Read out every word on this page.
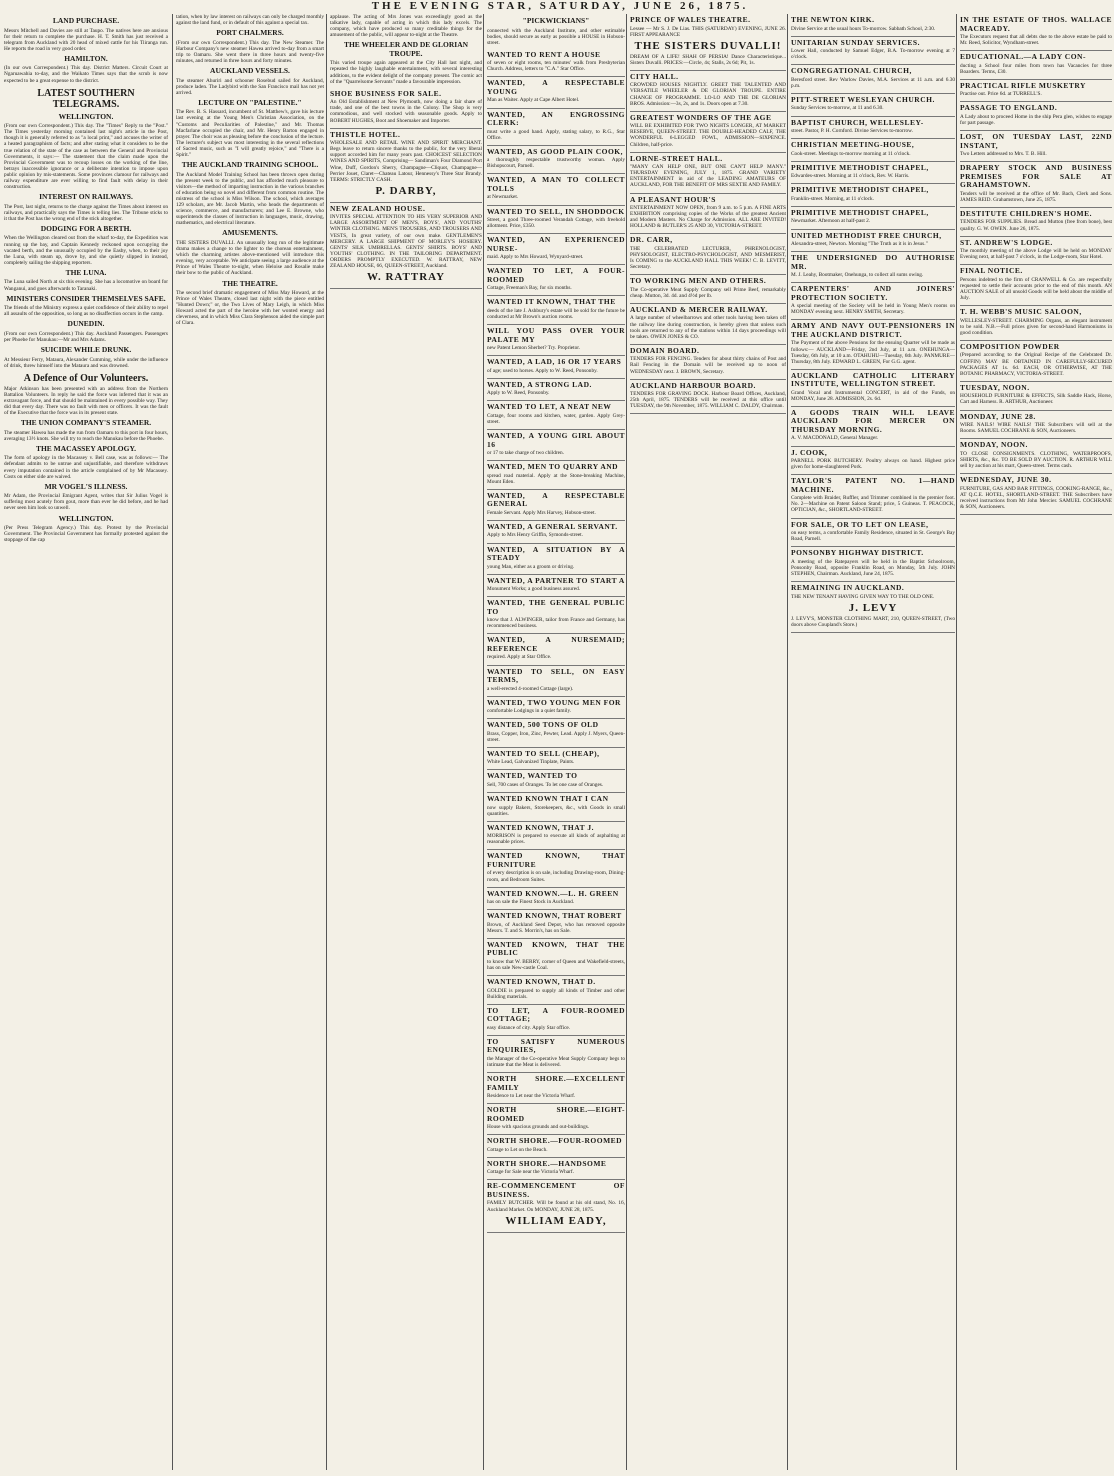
THE EVENING STAR, SATURDAY, JUNE 26, 1875.
LAND PURCHASE.
Messrs Mitchell and Davies are still at Taupo. The natives here are anxious for their return to complete the purchase. H. T. Smith has just received a telegram from Auckland with 20 head of mixed cattle for his Tiiranga run. He reports the road in very good order.
HAMILTON.
(In our own Correspondent.) This day. District Matters. Circuit Court at Ngaruawahia to-day, and the Waikato Times says that the scrub is now expected to be a great expense to the district.
LATEST SOUTHERN TELEGRAMS.
WELLINGTON.
(From our own Correspondent.) This day. The "Times" Reply to the "Post." The Times yesterday morning contained last night's article in the Post, though it is generally referred to as "a local print," and accuses the writer of a heated paragraphism of facts; and after stating what it considers to be the true relation of the state of the case as between the General and Provincial Governments, it says:— The statement that the claim made upon the Provincial Government was to recoup losses on the working of the line, betrays inaccessible ignorance or a deliberate intention to impose upon public opinion by mis-statements. Some provinces clamour for railways and railway expenditure are ever willing to find fault with delay in their construction.
INTEREST ON RAILWAYS.
The Post, last night, returns to the charge against the Times about interest on railways, and practically says the Times is telling lies. The Tribune sticks to it that the Post has the wrong end of the stick altogether.
DODGING FOR A BERTH.
When the Wellington cleared out from the wharf to-day, the Expedition was running up the bay, and Captain Kennedy reckoned upon occupying the vacated berth, and the unusually occupied by the Easby, when, to their joy the Luna, with steam up, drove by, and she quietly slipped in instead, completely sailing the shipping reporters.
THE LUNA.
The Luna sailed North at six this evening. She has a locomotive on board for Wanganui, and goes afterwards to Taranaki.
MINISTERS CONSIDER THEMSELVES SAFE.
The friends of the Ministry express a quiet confidence of their ability to repel all assaults of the opposition, so long as no disaffection occurs in the camp.
DUNEDIN.
(From our own Correspondent.) This day. Auckland Passengers. Passengers per Phoebe for Manukau:—Mr and Mrs Adams.
SUICIDE WHILE DRUNK.
At Messieur Ferry, Mataura, Alexander Cumming, while under the influence of drink, threw himself into the Mataura and was drowned.
A Defence of Our Volunteers.
Major Atkinson has been presented with an address from the Northern Battalion Volunteers. In reply he said the force was inferred that it was an extravagant force, and that should be maintained in every possible way. They did that every day. There was no fault with men or officers. It was the fault of the Executive that the force was in its present state.
THE UNION COMPANY'S STEAMER.
The steamer Hawea has made the run from Oamaru to this port in four hours, averaging 13½ knots. She will try to reach the Manukau before the Phoebe.
THE MACASSEY APOLOGY.
The form of apology in the Macassey v. Bell case, was as follows:— The defendant admits to be untrue and unjustifiable, and therefore withdraws every imputation contained in the article complained of by Mr Macassey. Costs on either side are waived.
MR VOGEL'S ILLNESS.
Mr Adam, the Provincial Emigrant Agent, writes that Sir Julius Vogel is suffering most acutely from gout, more than ever he did before, and he had never seen him look so unwell.
WELLINGTON.
(Per Press Telegram Agency.) This day. Protest by the Provincial Government. The Provincial Government has formally protested against the stoppage of the cap
tation, when by law interest on railways can only be charged monthly against the land fund, or in default of this against a special tax.
PORT CHALMERS.
(From our own Correspondent.) This day. The New Steamer. The Harbour Company's new steamer Hawea arrived to-day from a smart trip to Oamaru. She went there in three hours and twenty-five minutes, and returned in three hours and forty minutes.
AUCKLAND VESSELS.
The steamer Ahuriri and schooner Rosebud sailed for Auckland, produce laden. The Ladybird with the San Francisco mail has not yet arrived.
LECTURE ON "PALESTINE."
The Rev. B. S. Hassard, incumbent of St. Matthew's, gave his lecture last evening at the Young Men's Christian Association, on the "Customs and Peculiarities of Palestine," and Mr. Thomas Macfarlane occupied the chair, and Mr. Henry Barton engaged in prayer. The choir was as pleasing before the conclusion of the lecture. The lecturer's subject was most interesting in the several reflections of Sacred music, such as "I will greatly rejoice," and "There is a Spirit."
THE AUCKLAND TRAINING SCHOOL.
The Auckland Model Training School has been thrown open during the present week to the public, and has afforded much pleasure to visitors—the method of imparting instruction in the various branches of education being so novel and different from common routine. The mistress of the school is Miss Wilson. The school, which averages 129 scholars, are Mr. Jacob Martin, who heads the departments of science, commerce, and manufacturers; and Lee E. Browne, who superintends the classes of instruction in languages, music, drawing, mathematics, and electrical literature.
AMUSEMENTS.
THE SISTERS DUVALLI. An unusually long run of the legitimate drama makes a change to the lighter to the chorean entertainment, which the charming artistes above-mentioned will introduce this evening, very acceptable. We anticipate seeing a large audience at the Prince of Wales Theatre to-night, when Heloise and Rosalie make their bow to the public of Auckland.
THE THEATRE.
The second brief dramatic engagement of Miss May Howard, at the Prince of Wales Theatre, closed last night with the piece entitled "Hunted Down;" or, the Two Lives of Mary Leigh, in which Miss Howard acted the part of the heroine with her wonted energy and cleverness, and in which Miss Clara Stephenson aided the simple part of Clara.
applause. The acting of Mrs Jones was exceedingly good as the talkative lady, capable of acting in which this lady excels. The company, which have produced so many creditable things for the amusement of the public, will appear to-night at the Theatre.
THE WHEELER AND DE GLORIAN TROUPE.
This varied troupe again appeared at the City Hall last night, and repeated the highly laughable entertainment, with several interesting additions, to the evident delight of the company present. The comic act of the "Quarrelsome Servants" made a favourable impression.
SHOE BUSINESS FOR SALE.

An Old Establishment at New Plymouth, now doing a fair share of trade, and one of the best towns in the Colony. The Shop is very commodious, and well stocked with seasonable goods. Apply to ROBERT HUGHES, Boot and Shoemaker and Importer.

THISTLE HOTEL.

WHOLESALE AND RETAIL WINE AND SPIRIT MERCHANT. Begs leave to return sincere thanks to the public, for the very liberal support accorded him for many years past. CHOICEST SELECTION WINES AND SPIRITS, Comprising— Sandiman's Four Diamond Port Wine, Duff, Gordon's Sherry, Champagne—Cliquot, Champagne—Perrier Jouet, Claret—Chateau Latour, Hennessy's Three Star Brandy. TERMS: STRICTLY CASH.

P. DARBY,
NEW ZEALAND HOUSE.

INVITES SPECIAL ATTENTION TO HIS VERY SUPERIOR AND LARGE ASSORTMENT OF MEN'S, BOYS', AND YOUTHS' WINTER CLOTHING. MEN'S TROUSERS, AND TROUSERS AND VESTS, In great variety, of our own make. GENTLEMEN'S MERCERY. A LARGE SHIPMENT OF MORLEY'S HOSIERY. GENTS' SILK UMBRELLAS. GENTS' SHIRTS. BOYS' AND YOUTHS' CLOTHING. IN THE TAILORING DEPARTMENT. ORDERS PROMPTLY EXECUTED. W. RATTRAY, NEW ZEALAND HOUSE, 66, QUEEN-STREET, Auckland.

W. RATTRAY
"PICKWICKIANS"
connected with the Auckland Institute, and other estimable bodies, should secure as early as possible a HOUSE in Hobson-street.
WANTED TO RENT A HOUSE

of seven or eight rooms, ten minutes' walk from Presbyterian Church. Address, letters to "C.A." Star Office.

WANTED, A RESPECTABLE YOUNG

Man as Waiter. Apply at Cape Albert Hotel.

WANTED, AN ENGROSSING CLERK:

must write a good hand. Apply, stating salary, to R.G., Star Office.

WANTED, AS GOOD PLAIN COOK,

a thoroughly respectable trustworthy woman. Apply Bishopscourt, Parnell.

WANTED, A MAN TO COLLECT TOLLS

at Newmarket.

WANTED TO SELL, IN SHODDOCK

Street, a good Three-roomed Verandah Cottage, with freehold allotment. Price, £350.

WANTED, AN EXPERIENCED NURSE-

maid. Apply to Mrs Howard, Wynyard-street.

WANTED TO LET, A FOUR-ROOMED

Cottage, Freeman's Bay, for six months.

WANTED IT KNOWN, THAT THE

deeds of the late J. Ashbury's estate will be sold for the future be conducted at Mr Brown's auction rooms.

WILL YOU PASS OVER YOUR PALATE MY

new Patent Lemon Sherbet? Try. Proprietor.

WANTED, A LAD, 16 OR 17 YEARS

of age; used to horses. Apply to W. Reed, Ponsonby.

WANTED, A STRONG LAD.

Apply to W. Reed, Ponsonby.

WANTED TO LET, A NEAT NEW

Cottage, four rooms and kitchen, water, garden. Apply Grey-street.

WANTED, A YOUNG GIRL ABOUT 16

or 17 to take charge of two children.

WANTED, MEN TO QUARRY AND

spread road material. Apply at the Stone-breaking Machine, Mount Eden.

WANTED, A RESPECTABLE GENERAL

Female Servant. Apply Mrs Harvey, Hobson-street.

WANTED, A GENERAL SERVANT.

Apply to Mrs Henry Griffin, Symonds-street.

WANTED, A SITUATION BY A STEADY

young Man, either as a groom or driving.

WANTED, A PARTNER TO START A

Monument Works; a good business assured.

WANTED, THE GENERAL PUBLIC TO

know that J. ALWINGER, tailor from France and Germany, has recommenced business.

WANTED, A NURSEMAID; REFERENCE

required. Apply at Star Office.

WANTED TO SELL, ON EASY TERMS,

a well-erected 4-roomed Cottage (large).

WANTED, TWO YOUNG MEN FOR

comfortable Lodgings in a quiet family.

WANTED, 500 TONS OF OLD

Brass, Copper, Iron, Zinc, Pewter, Lead. Apply J. Myers, Queen-street.

WANTED TO SELL (CHEAP),

White Lead, Galvanized Tinplate, Paints.

WANTED, WANTED TO

Sell, 700 cases of Oranges. To let one case of Oranges.

WANTED KNOWN THAT I CAN

now supply Bakers, Storekeepers, &c., with Goods in small quantities.

WANTED KNOWN, THAT J.

MORRISON is prepared to execute all kinds of asphalting at reasonable prices.

WANTED KNOWN, THAT FURNITURE

of every description is on sale, including Drawing-room, Dining-room, and Bedroom Suites.

WANTED KNOWN.—L. H. GREEN

has on sale the Finest Stock in Auckland.

WANTED KNOWN, THAT ROBERT

Brown, of Auckland Seed Depot, who has removed opposite Messrs. T. and S. Morrin's, has on Sale.

WANTED KNOWN, THAT THE PUBLIC

to know that W. BERRY, corner of Queen and Wakefield-streets, has on sale New-castle Coal.

WANTED KNOWN, THAT D.

GOLDIE is prepared to supply all kinds of Timber and other Building materials.

TO LET, A FOUR-ROOMED COTTAGE;

easy distance of city. Apply Star office.

TO SATISFY NUMEROUS ENQUIRIES,

the Manager of the Co-operative Meat Supply Company begs to intimate that the Meat is delivered.

NORTH SHORE.—EXCELLENT FAMILY

Residence to Let near the Victoria Wharf.

NORTH SHORE.—EIGHT-ROOMED

House with spacious grounds and out-buildings.

NORTH SHORE.—FOUR-ROOMED

Cottage to Let on the Beach.

NORTH SHORE.—HANDSOME

Cottage for Sale near the Victoria Wharf.

RE-COMMENCEMENT OF BUSINESS.

FAMILY BUTCHER. Will be found at his old stand, No. 16, Auckland Market. On MONDAY, JUNE 28, 1875.

WILLIAM EADY,
PRINCE OF WALES THEATRE.

Lessee — Mr S. J. De Lias. THIS (SATURDAY) EVENING, JUNE 26. FIRST APPEARANCE

THE SISTERS DUVALLI!

DREAM OF A LIFE! SHAH OF PERSIA! Dance Characteristique... Sisters Duvalli. PRICES:—Circle, 4s; Stalls, 2s 6d; Pit, 1s.

CITY HALL.

CROWDED HOUSES NIGHTLY. GREET THE TALENTED AND VERSATILE WHEELER & DE GLORIAN TROUPE. ENTIRE CHANGE OF PROGRAMME. LO-LO AND THE DE GLORIAN BROS. Admission:—3s, 2s, and 1s. Doors open at 7.30.

GREATEST WONDERS OF THE AGE

WILL BE EXHIBITED FOR TWO NIGHTS LONGER, AT MARKET RESERVE, QUEEN-STREET. THE DOUBLE-HEADED CALF, THE WONDERFUL 6-LEGGED FOWL, ADMISSION—SIXPENCE. Children, half-price.

LORNE-STREET HALL.

"MANY CAN HELP ONE, BUT ONE CAN'T HELP MANY." THURSDAY EVENING, JULY 1, 1875. GRAND VARIETY ENTERTAINMENT in aid of the LEADING AMATEURS OF AUCKLAND, FOR THE BENEFIT OF MRS SEXTIE AND FAMILY.

A PLEASANT HOUR'S

ENTERTAINMENT NOW OPEN, from 9 a.m. to 5 p.m. A FINE ARTS EXHIBITION comprising copies of the Works of the greatest Ancient and Modern Masters. No Charge for Admission. ALL ARE INVITED! HOLLAND & BUTLER'S 25 AND 30, VICTORIA-STREET.

DR. CARR,

THE CELEBRATED LECTURER, PHRENOLOGIST, PHYSIOLOGIST, ELECTRO-PSYCHOLOGIST, AND MESMERIST, Is COMING to the AUCKLAND HALL THIS WEEK! C. B. LEVITT, Secretary.

TO WORKING MEN AND OTHERS.

The Co-operative Meat Supply Company sell Prime Beef, remarkably cheap. Mutton, 3d. 4d. and 4½d per lb.

AUCKLAND & MERCER RAILWAY.

A large number of wheelbarrows and other tools having been taken off the railway line during construction, is hereby given that unless such tools are returned to any of the stations within 14 days proceedings will be taken. OWEN JONES & CO.

DOMAIN BOARD.

TENDERS FOR FENCING. Tenders for about thirty chains of Post and Rail Fencing in the Domain will be received up to noon of WEDNESDAY next. J. BROWN, Secretary.

AUCKLAND HARBOUR BOARD.

TENDERS FOR GRAVING DOCK. Harbour Board Offices, Auckland, 25th April, 1875. TENDERS will be received at this office until TUESDAY, the 9th November, 1875. WILLIAM C. DALDY, Chairman.

THE NEWTON KIRK.

Divine Service at the usual hours To-morrow. Sabbath School, 2:30.

UNITARIAN SUNDAY SERVICES.

Lower Hall, conducted by Samuel Edger, B.A. To-morrow evening at 7 o'clock.

CONGREGATIONAL CHURCH,

Beresford street. Rev Warlow Davies, M.A. Services at 11 a.m. and 6.30 p.m.

PITT-STREET WESLEYAN CHURCH.

Sunday Services to-morrow, at 11 and 6.30.

BAPTIST CHURCH, WELLESLEY-

street. Pastor, P. H. Cornford. Divine Services to-morrow.

CHRISTIAN MEETING-HOUSE,

Cook-street. Meetings to-morrow morning at 11 o'clock.

PRIMITIVE METHODIST CHAPEL,

Edwardes-street. Morning at 11 o'clock, Rev. W. Harris.

PRIMITIVE METHODIST CHAPEL,

Franklin-street. Morning, at 11 o'clock.

PRIMITIVE METHODIST CHAPEL,

Newmarket. Afternoon at half-past 2.

UNITED METHODIST FREE CHURCH,

Alexandra-street, Newton. Morning "The Truth as it is in Jesus."

THE UNDERSIGNED DO AUTHORISE MR.

M. J. Leahy, Bootmaker, Onehunga, to collect all sums owing.

CARPENTERS' AND JOINERS' PROTECTION SOCIETY.

A special meeting of the Society will be held in Young Men's rooms on MONDAY evening next. HENRY SMITH, Secretary.

ARMY AND NAVY OUT-PENSIONERS IN THE AUCKLAND DISTRICT.

The Payment of the above Pensions for the ensuing Quarter will be made as follows:— AUCKLAND—Friday, 2nd July, at 11 a.m. ONEHUNGA—Tuesday, 6th July, at 10 a.m. OTAHUHU—Tuesday, 6th July. PANMURE—Thursday, 8th July. EDWARD L. GREEN, For G.G. agent.

AUCKLAND CATHOLIC LITERARY INSTITUTE, WELLINGTON STREET.

Grand Vocal and Instrumental CONCERT, in aid of the Funds, on MONDAY, June 28. ADMISSION, 2s. 6d.

A GOODS TRAIN WILL LEAVE AUCKLAND FOR MERCER ON THURSDAY MORNING.

A. V. MACDONALD, General Manager.

J. COOK,

PARNELL PORK BUTCHERY. Poultry always on hand. Highest price given for home-slaughtered Pork.

TAYLOR'S PATENT NO. 1—HAND MACHINE.

Complete with Braider, Ruffler, and Trimmer combined in the premier foot. No. 2—Machine on Patent Saloon Stand; price, 5 Guineas. T. PEACOCK, OPTICIAN, &c., SHORTLAND-STREET.

FOR SALE, OR TO LET ON LEASE,

on easy terms, a comfortable Family Residence, situated in St. George's Bay Road, Parnell.

PONSONBY HIGHWAY DISTRICT.

A meeting of the Ratepayers will be held in the Baptist Schoolroom, Ponsonby Road, opposite Franklin Road, on Monday, 5th July. JOHN STEPHEN, Chairman. Auckland, June 24, 1875.

REMAINING IN AUCKLAND.

THE NEW TENANT HAVING GIVEN WAY TO THE OLD ONE.

J. LEVY

J. LEVY'S, MONSTER CLOTHING MART, 210, QUEEN-STREET, (Two doors above Coupland's Store.)

IN THE ESTATE OF THOS. WALLACE MACREADY.

The Executors request that all debts due to the above estate be paid to Mr. Reed, Solicitor, Wyndham-street.

EDUCATIONAL.—A LADY CON-

ducting a School four miles from town has Vacancies for three Boarders. Terms, £30.

PRACTICAL RIFLE MUSKETRY

Practise out. Price 6d. at TURRELL'S.

PASSAGE TO ENGLAND.

A Lady about to proceed Home in the ship Pera glen, wishes to engage for part passage.

LOST, ON TUESDAY LAST, 22ND INSTANT,

Two Letters addressed to Mrs. T. B. Hill.

DRAPERY STOCK AND BUSINESS PREMISES FOR SALE AT GRAHAMSTOWN.

Tenders will be received at the office of Mr. Bach, Clerk and Sons. JAMES REID. Grahamstown, June 25, 1875.

DESTITUTE CHILDREN'S HOME.

TENDERS FOR SUPPLIES. Bread and Mutton (free from bone), best quality. G. W. OWEN. June 26, 1875.

ST. ANDREW'S LODGE.

The monthly meeting of the above Lodge will be held on MONDAY Evening next, at half-past 7 o'clock, in the Lodge-room, Star Hotel.

FINAL NOTICE.

Persons indebted to the firm of CRANWELL & Co. are respectfully requested to settle their accounts prior to the end of this month. AN AUCTION SALE of all unsold Goods will be held about the middle of July.

T. H. WEBB'S MUSIC SALOON,

WELLESLEY-STREET. CHARMING Organs, an elegant instrument to be sold. N.B.—Full prices given for second-hand Harmoniums in good condition.

COMPOSITION POWDER

(Prepared according to the Original Recipe of the Celebrated Dr. COFFIN) MAY BE OBTAINED IN CAREFULLY-SECURED PACKAGES AT 1s. 6d. EACH, OR OTHERWISE, AT THE BOTANIC PHARMACY, VICTORIA-STREET.

TUESDAY, NOON.

HOUSEHOLD FURNITURE & EFFECTS, Silk Saddle Hack, Horse, Cart and Harness. R. ARTHUR, Auctioneer.

MONDAY, JUNE 28.

WIRE NAILS! WIRE NAILS! THE Subscribers will sell at the Rooms. SAMUEL COCHRANE & SON, Auctioneers.

MONDAY, NOON.

TO CLOSE CONSIGNMENTS. CLOTHING, WATERPROOFS, SHIRTS, &c., &c. TO BE SOLD BY AUCTION. R. ARTHUR WILL sell by auction at his mart, Queen-street. Terms cash.

WEDNESDAY, JUNE 30.

FURNITURE, GAS AND BAR FITTINGS, COOKING-RANGE, &c., AT Q.C.E. HOTEL, SHORTLAND-STREET. THE Subscribers have received instructions from Mr John Mercier. SAMUEL COCHRANE & SON, Auctioneers.
